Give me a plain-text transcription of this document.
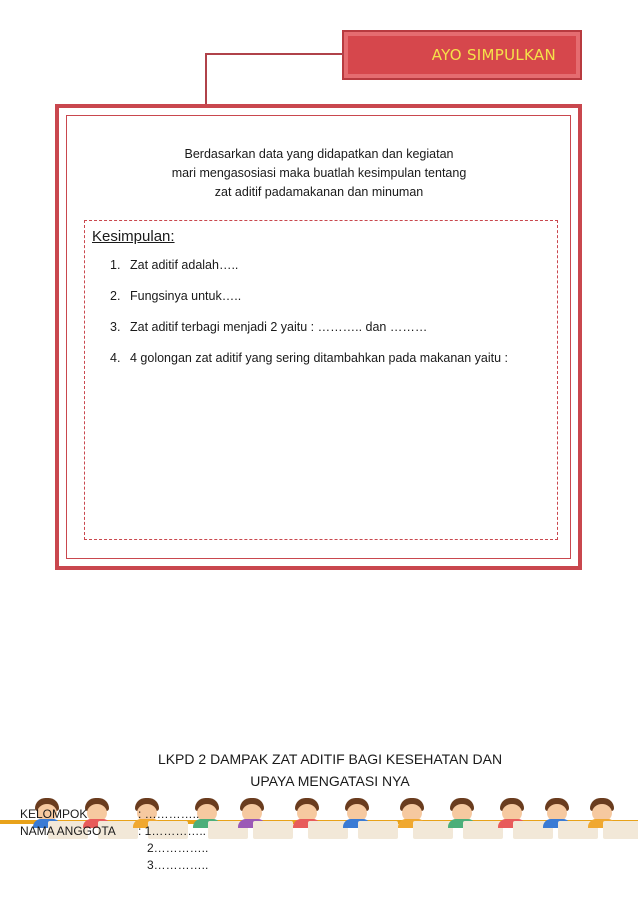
AYO SIMPULKAN
Berdasarkan data yang didapatkan dan kegiatan
mari mengasosiasi maka buatlah kesimpulan tentang
zat aditif padamakanan dan minuman
Kesimpulan:
1. Zat aditif adalah…..
2. Fungsinya untuk…..
3. Zat aditif terbagi menjadi 2 yaitu : ……….. dan ………
4. 4 golongan zat aditif yang sering ditambahkan pada makanan yaitu :
LKPD 2 DAMPAK ZAT ADITIF BAGI KESEHATAN DAN
UPAYA MENGATASI NYA
KELOMPOK	: …………..
NAMA ANGGOTA	: 1…………..
2…………..
3…………..
